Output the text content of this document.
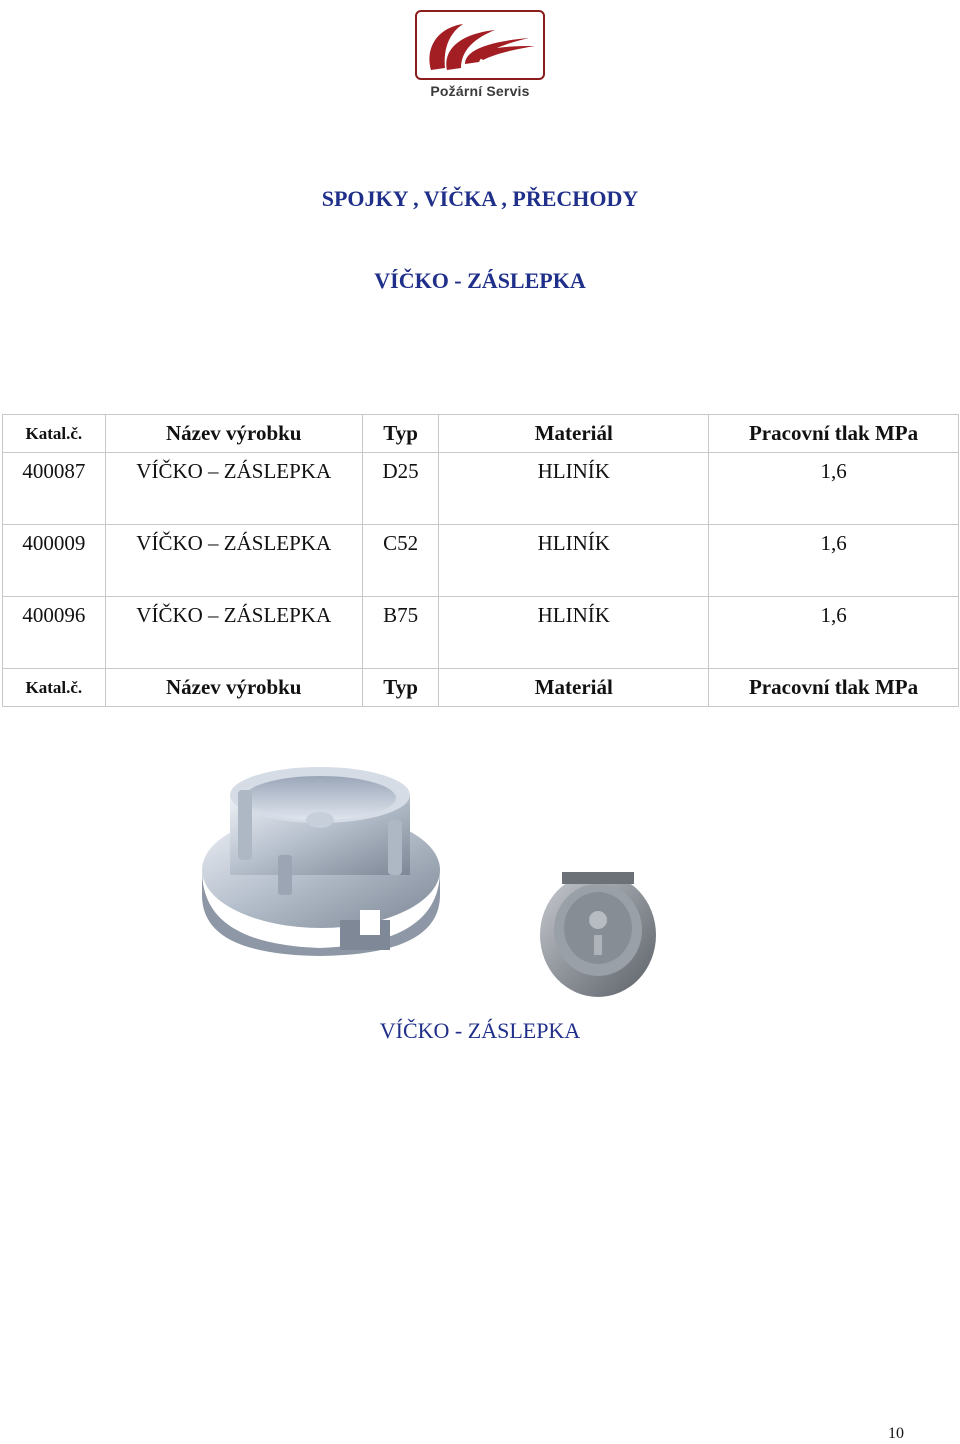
Požární Servis
SPOJKY , VÍČKA , PŘECHODY
VÍČKO - ZÁSLEPKA
Katal.č.	Název výrobku	Typ	Materiál	Pracovní tlak MPa
400087	VÍČKO – ZÁSLEPKA	D25	HLINÍK	1,6
400009	VÍČKO – ZÁSLEPKA	C52	HLINÍK	1,6
400096	VÍČKO – ZÁSLEPKA	B75	HLINÍK	1,6
Katal.č.	Název výrobku	Typ	Materiál	Pracovní tlak MPa
VÍČKO - ZÁSLEPKA
10
